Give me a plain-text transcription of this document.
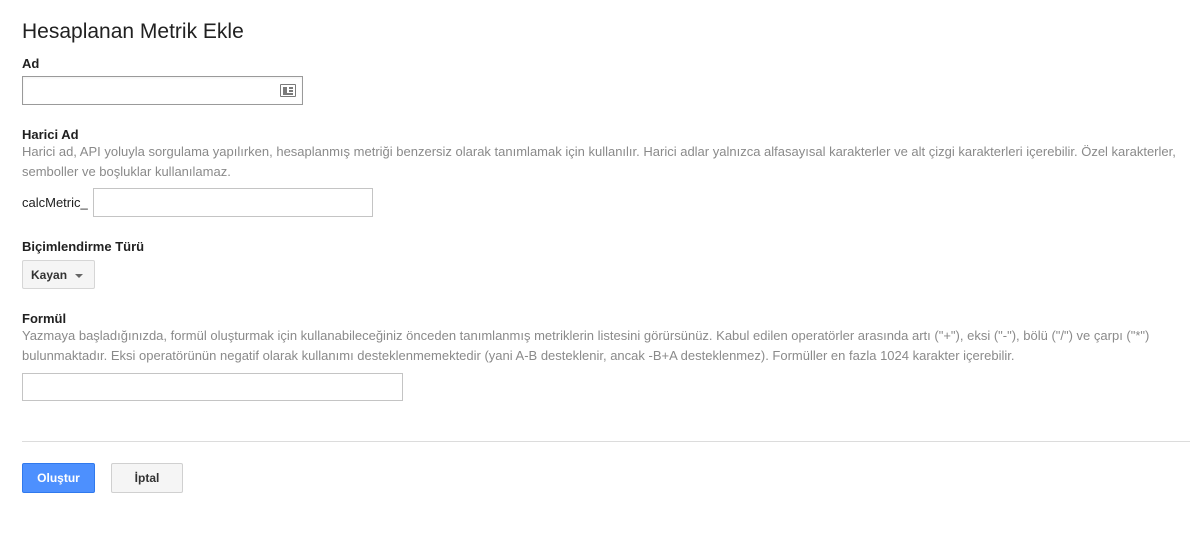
Hesaplanan Metrik Ekle
Ad
Harici Ad
Harici ad, API yoluyla sorgulama yapılırken, hesaplanmış metriği benzersiz olarak tanımlamak için kullanılır. Harici adlar yalnızca alfasayısal karakterler ve alt çizgi karakterleri içerebilir. Özel karakterler, semboller ve boşluklar kullanılamaz.
calcMetric_
Biçimlendirme Türü
Kayan
Formül
Yazmaya başladığınızda, formül oluşturmak için kullanabileceğiniz önceden tanımlanmış metriklerin listesini görürsünüz. Kabul edilen operatörler arasında artı ("+"), eksi ("-"), bölü ("/") ve çarpı ("*") bulunmaktadır. Eksi operatörünün negatif olarak kullanımı desteklenmemektedir (yani A-B desteklenir, ancak -B+A desteklenmez). Formüller en fazla 1024 karakter içerebilir.
Oluştur	İptal
